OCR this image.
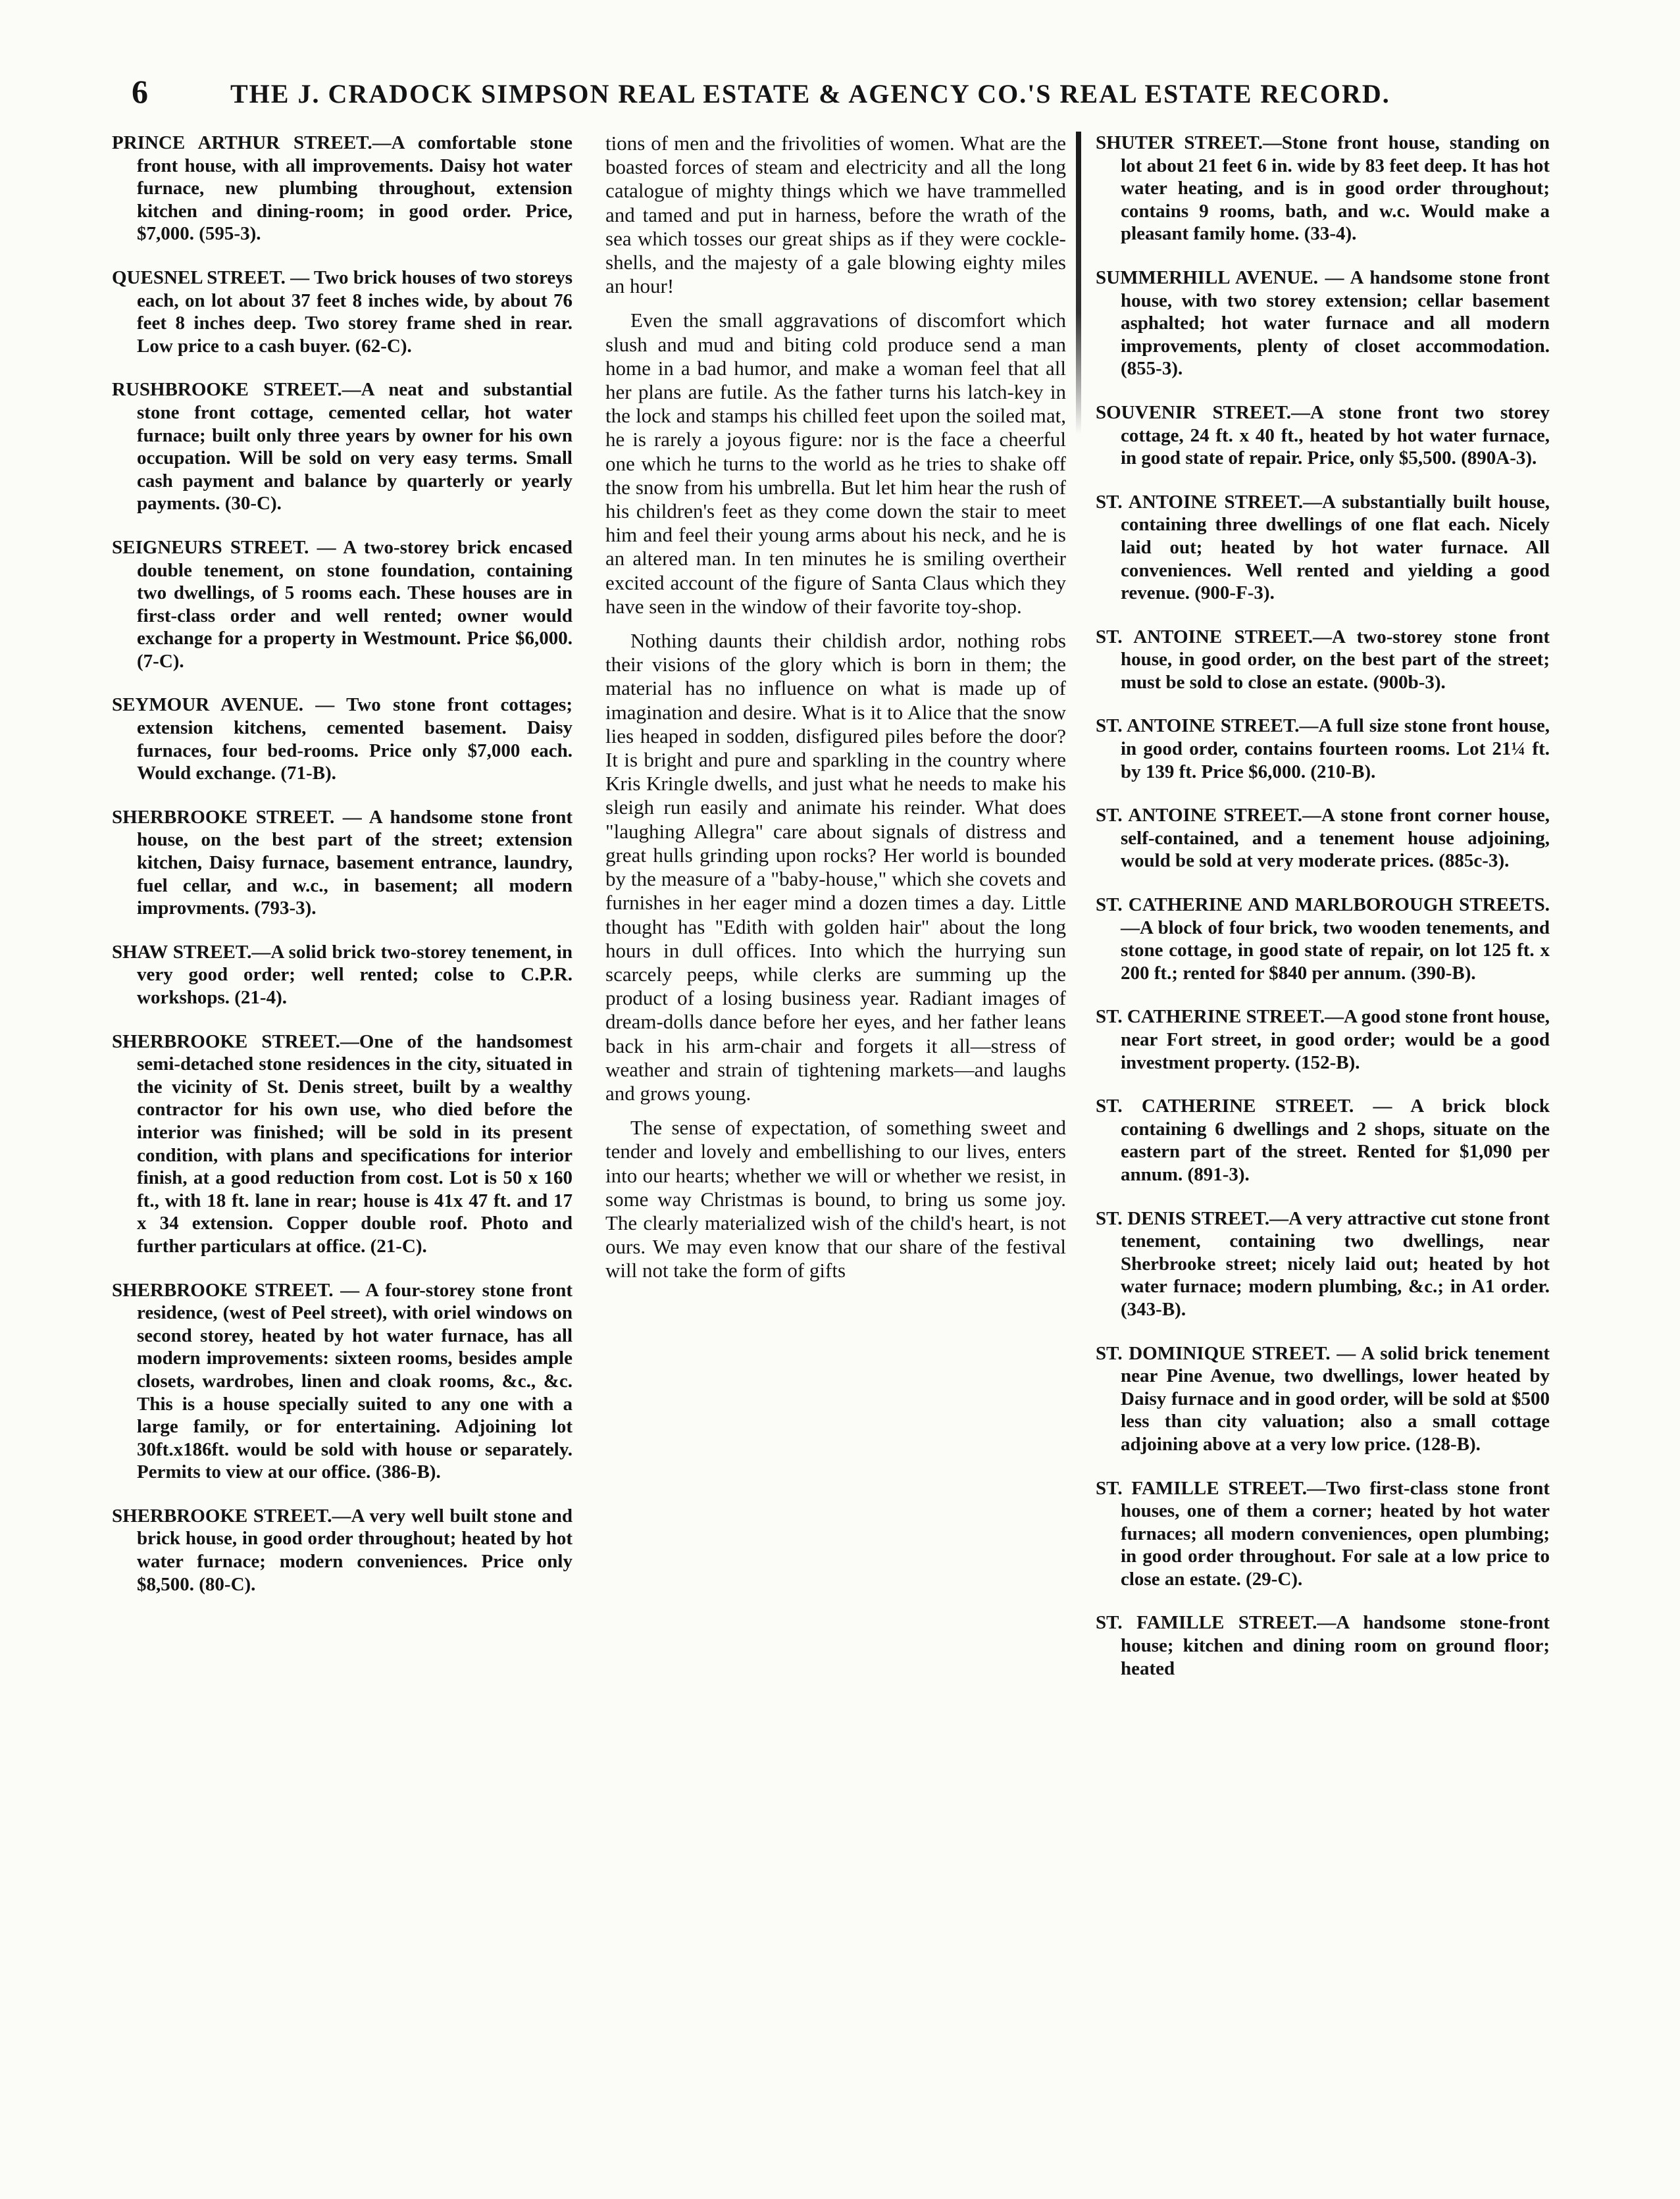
6	THE J. CRADOCK SIMPSON REAL ESTATE & AGENCY CO.'S REAL ESTATE RECORD.

PRINCE ARTHUR STREET.—A comfortable stone front house, with all improvements. Daisy hot water furnace, new plumbing throughout, extension kitchen and dining-room; in good order. Price, $7,000. (595-3).

QUESNEL STREET. — Two brick houses of two storeys each, on lot about 37 feet 8 inches wide, by about 76 feet 8 inches deep. Two storey frame shed in rear. Low price to a cash buyer. (62-C).

RUSHBROOKE STREET.—A neat and substantial stone front cottage, cemented cellar, hot water furnace; built only three years by owner for his own occupation. Will be sold on very easy terms. Small cash payment and balance by quarterly or yearly payments. (30-C).

SEIGNEURS STREET. — A two-storey brick encased double tenement, on stone foundation, containing two dwellings, of 5 rooms each. These houses are in first-class order and well rented; owner would exchange for a property in Westmount. Price $6,000. (7-C).

SEYMOUR AVENUE. — Two stone front cottages; extension kitchens, cemented basement. Daisy furnaces, four bed-rooms. Price only $7,000 each. Would exchange. (71-B).

SHERBROOKE STREET. — A handsome stone front house, on the best part of the street; extension kitchen, Daisy furnace, basement entrance, laundry, fuel cellar, and w.c., in basement; all modern improvments. (793-3).

SHAW STREET.—A solid brick two-storey tenement, in very good order; well rented; colse to C.P.R. workshops. (21-4).

SHERBROOKE STREET.—One of the handsomest semi-detached stone residences in the city, situated in the vicinity of St. Denis street, built by a wealthy contractor for his own use, who died before the interior was finished; will be sold in its present condition, with plans and specifications for interior finish, at a good reduction from cost. Lot is 50 x 160 ft., with 18 ft. lane in rear; house is 41x 47 ft. and 17 x 34 extension. Copper double roof. Photo and further particulars at office. (21-C).

SHERBROOKE STREET. — A four-storey stone front residence, (west of Peel street), with oriel windows on second storey, heated by hot water furnace, has all modern improvements: sixteen rooms, besides ample closets, wardrobes, linen and cloak rooms, &c., &c. This is a house specially suited to any one with a large family, or for entertaining. Adjoining lot 30ft.x186ft. would be sold with house or separately. Permits to view at our office. (386-B).

SHERBROOKE STREET.—A very well built stone and brick house, in good order throughout; heated by hot water furnace; modern conveniences. Price only $8,500. (80-C).

tions of men and the frivolities of women. What are the boasted forces of steam and electricity and all the long catalogue of mighty things which we have trammelled and tamed and put in harness, before the wrath of the sea which tosses our great ships as if they were cockle-shells, and the majesty of a gale blowing eighty miles an hour!

Even the small aggravations of discomfort which slush and mud and biting cold produce send a man home in a bad humor, and make a woman feel that all her plans are futile. As the father turns his latch-key in the lock and stamps his chilled feet upon the soiled mat, he is rarely a joyous figure: nor is the face a cheerful one which he turns to the world as he tries to shake off the snow from his umbrella. But let him hear the rush of his children's feet as they come down the stair to meet him and feel their young arms about his neck, and he is an altered man. In ten minutes he is smiling overtheir excited account of the figure of Santa Claus which they have seen in the window of their favorite toy-shop.

Nothing daunts their childish ardor, nothing robs their visions of the glory which is born in them; the material has no influence on what is made up of imagination and desire. What is it to Alice that the snow lies heaped in sodden, disfigured piles before the door? It is bright and pure and sparkling in the country where Kris Kringle dwells, and just what he needs to make his sleigh run easily and animate his reinder. What does "laughing Allegra" care about signals of distress and great hulls grinding upon rocks? Her world is bounded by the measure of a "baby-house," which she covets and furnishes in her eager mind a dozen times a day. Little thought has "Edith with golden hair" about the long hours in dull offices. Into which the hurrying sun scarcely peeps, while clerks are summing up the product of a losing business year. Radiant images of dream-dolls dance before her eyes, and her father leans back in his arm-chair and forgets it all—stress of weather and strain of tightening markets—and laughs and grows young.

The sense of expectation, of something sweet and tender and lovely and embellishing to our lives, enters into our hearts; whether we will or whether we resist, in some way Christmas is bound, to bring us some joy. The clearly materialized wish of the child's heart, is not ours. We may even know that our share of the festival will not take the form of gifts

SHUTER STREET.—Stone front house, standing on lot about 21 feet 6 in. wide by 83 feet deep. It has hot water heating, and is in good order throughout; contains 9 rooms, bath, and w.c. Would make a pleasant family home. (33-4).

SUMMERHILL AVENUE. — A handsome stone front house, with two storey extension; cellar basement asphalted; hot water furnace and all modern improvements, plenty of closet accommodation. (855-3).

SOUVENIR STREET.—A stone front two storey cottage, 24 ft. x 40 ft., heated by hot water furnace, in good state of repair. Price, only $5,500. (890A-3).

ST. ANTOINE STREET.—A substantially built house, containing three dwellings of one flat each. Nicely laid out; heated by hot water furnace. All conveniences. Well rented and yielding a good revenue. (900-F-3).

ST. ANTOINE STREET.—A two-storey stone front house, in good order, on the best part of the street; must be sold to close an estate. (900b-3).

ST. ANTOINE STREET.—A full size stone front house, in good order, contains fourteen rooms. Lot 21¼ ft. by 139 ft. Price $6,000. (210-B).

ST. ANTOINE STREET.—A stone front corner house, self-contained, and a tenement house adjoining, would be sold at very moderate prices. (885c-3).

ST. CATHERINE AND MARLBOROUGH STREETS.—A block of four brick, two wooden tenements, and stone cottage, in good state of repair, on lot 125 ft. x 200 ft.; rented for $840 per annum. (390-B).

ST. CATHERINE STREET.—A good stone front house, near Fort street, in good order; would be a good investment property. (152-B).

ST. CATHERINE STREET. — A brick block containing 6 dwellings and 2 shops, situate on the eastern part of the street. Rented for $1,090 per annum. (891-3).

ST. DENIS STREET.—A very attractive cut stone front tenement, containing two dwellings, near Sherbrooke street; nicely laid out; heated by hot water furnace; modern plumbing, &c.; in A1 order. (343-B).

ST. DOMINIQUE STREET. — A solid brick tenement near Pine Avenue, two dwellings, lower heated by Daisy furnace and in good order, will be sold at $500 less than city valuation; also a small cottage adjoining above at a very low price. (128-B).

ST. FAMILLE STREET.—Two first-class stone front houses, one of them a corner; heated by hot water furnaces; all modern conveniences, open plumbing; in good order throughout. For sale at a low price to close an estate. (29-C).

ST. FAMILLE STREET.—A handsome stone-front house; kitchen and dining room on ground floor; heated
